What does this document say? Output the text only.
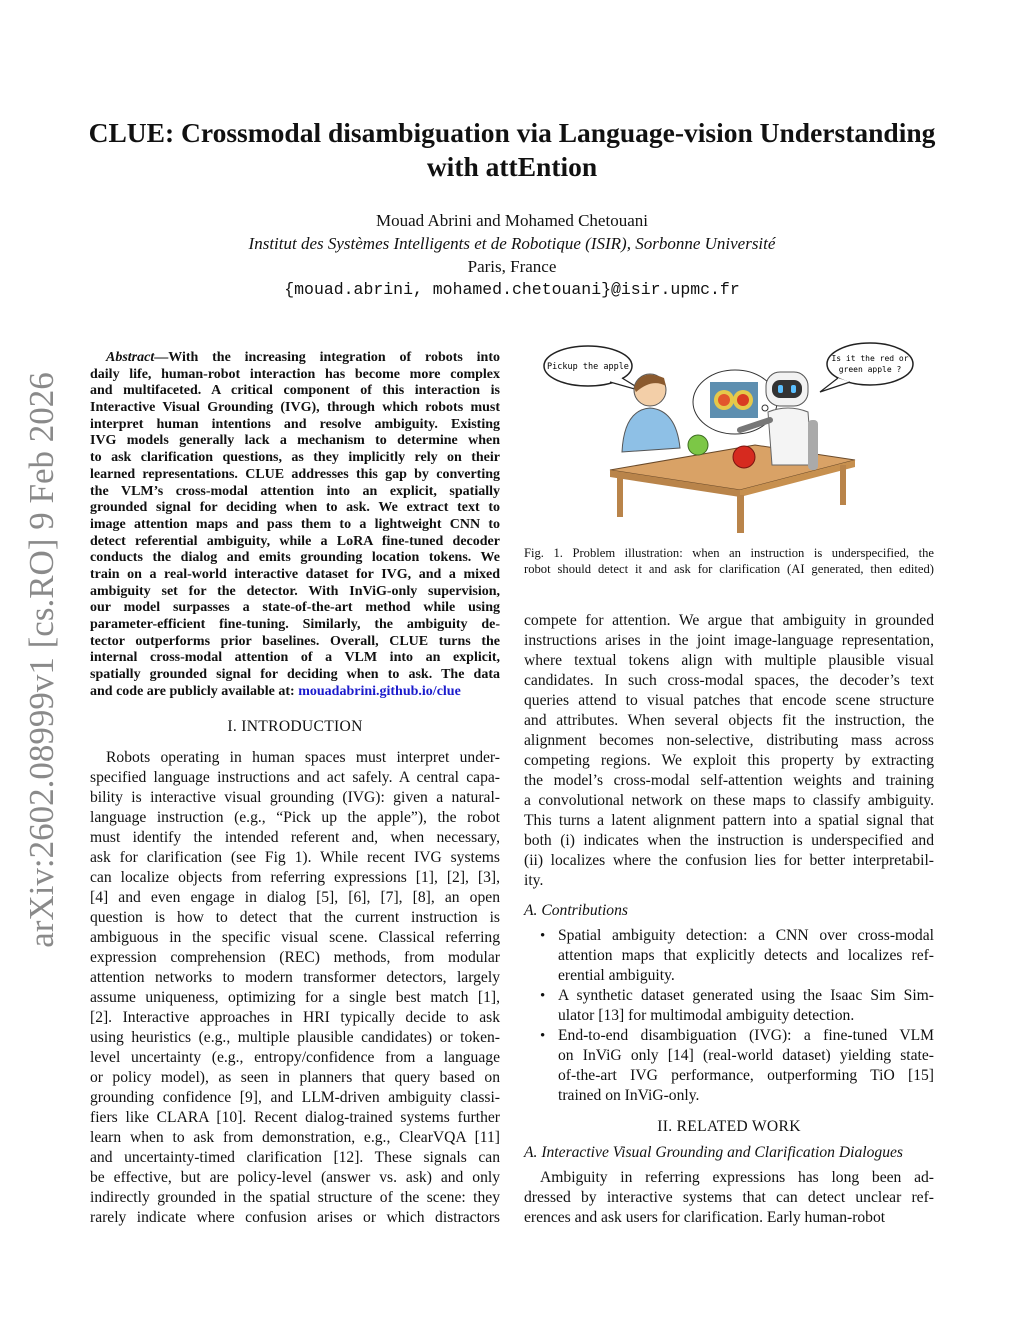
arXiv:2602.08999v1 [cs.RO] 9 Feb 2026
CLUE: Crossmodal disambiguation via Language-vision Understanding
with attEntion
Mouad Abrini and Mohamed Chetouani
Institut des Systèmes Intelligents et de Robotique (ISIR), Sorbonne Université
Paris, France
{mouad.abrini, mohamed.chetouani}@isir.upmc.fr
Abstract—With the increasing integration of robots into
daily life, human-robot interaction has become more complex
and multifaceted. A critical component of this interaction is
Interactive Visual Grounding (IVG), through which robots must
interpret human intentions and resolve ambiguity. Existing
IVG models generally lack a mechanism to determine when
to ask clarification questions, as they implicitly rely on their
learned representations. CLUE addresses this gap by converting
the VLM’s cross-modal attention into an explicit, spatially
grounded signal for deciding when to ask. We extract text to
image attention maps and pass them to a lightweight CNN to
detect referential ambiguity, while a LoRA fine-tuned decoder
conducts the dialog and emits grounding location tokens. We
train on a real-world interactive dataset for IVG, and a mixed
ambiguity set for the detector. With InViG-only supervision,
our model surpasses a state-of-the-art method while using
parameter-efficient fine-tuning. Similarly, the ambiguity de-
tector outperforms prior baselines. Overall, CLUE turns the
internal cross-modal attention of a VLM into an explicit,
spatially grounded signal for deciding when to ask. The data
and code are publicly available at: mouadabrini.github.io/clue
I. INTRODUCTION
Robots operating in human spaces must interpret under-
specified language instructions and act safely. A central capa-
bility is interactive visual grounding (IVG): given a natural-
language instruction (e.g., “Pick up the apple”), the robot
must identify the intended referent and, when necessary,
ask for clarification (see Fig 1). While recent IVG systems
can localize objects from referring expressions [1], [2], [3],
[4] and even engage in dialog [5], [6], [7], [8], an open
question is how to detect that the current instruction is
ambiguous in the specific visual scene. Classical referring
expression comprehension (REC) methods, from modular
attention networks to modern transformer detectors, largely
assume uniqueness, optimizing for a single best match [1],
[2]. Interactive approaches in HRI typically decide to ask
using heuristics (e.g., multiple plausible candidates) or token-
level uncertainty (e.g., entropy/confidence from a language
or policy model), as seen in planners that query based on
grounding confidence [9], and LLM-driven ambiguity classi-
fiers like CLARA [10]. Recent dialog-trained systems further
learn when to ask from demonstration, e.g., ClearVQA [11]
and uncertainty-timed clarification [12]. These signals can
be effective, but are policy-level (answer vs. ask) and only
indirectly grounded in the spatial structure of the scene: they
rarely indicate where confusion arises or which distractors
Pickup the apple
Is it the red or
green apple ?
Fig. 1. Problem illustration: when an instruction is underspecified, the
robot should detect it and ask for clarification (AI generated, then edited)
compete for attention. We argue that ambiguity in grounded
instructions arises in the joint image-language representation,
where textual tokens align with multiple plausible visual
candidates. In such cross-modal spaces, the decoder’s text
queries attend to visual patches that encode scene structure
and attributes. When several objects fit the instruction, the
alignment becomes non-selective, distributing mass across
competing regions. We exploit this property by extracting
the model’s cross-modal self-attention weights and training
a convolutional network on these maps to classify ambiguity.
This turns a latent alignment pattern into a spatial signal that
both (i) indicates when the instruction is underspecified and
(ii) localizes where the confusion lies for better interpretabil-
ity.
A. Contributions
• Spatial ambiguity detection: a CNN over cross-modal
attention maps that explicitly detects and localizes ref-
erential ambiguity.
• A synthetic dataset generated using the Isaac Sim Sim-
ulator [13] for multimodal ambiguity detection.
• End-to-end disambiguation (IVG): a fine-tuned VLM
on InViG only [14] (real-world dataset) yielding state-
of-the-art IVG performance, outperforming TiO [15]
trained on InViG-only.
II. RELATED WORK
A. Interactive Visual Grounding and Clarification Dialogues
Ambiguity in referring expressions has long been ad-
dressed by interactive systems that can detect unclear ref-
erences and ask users for clarification. Early human-robot
